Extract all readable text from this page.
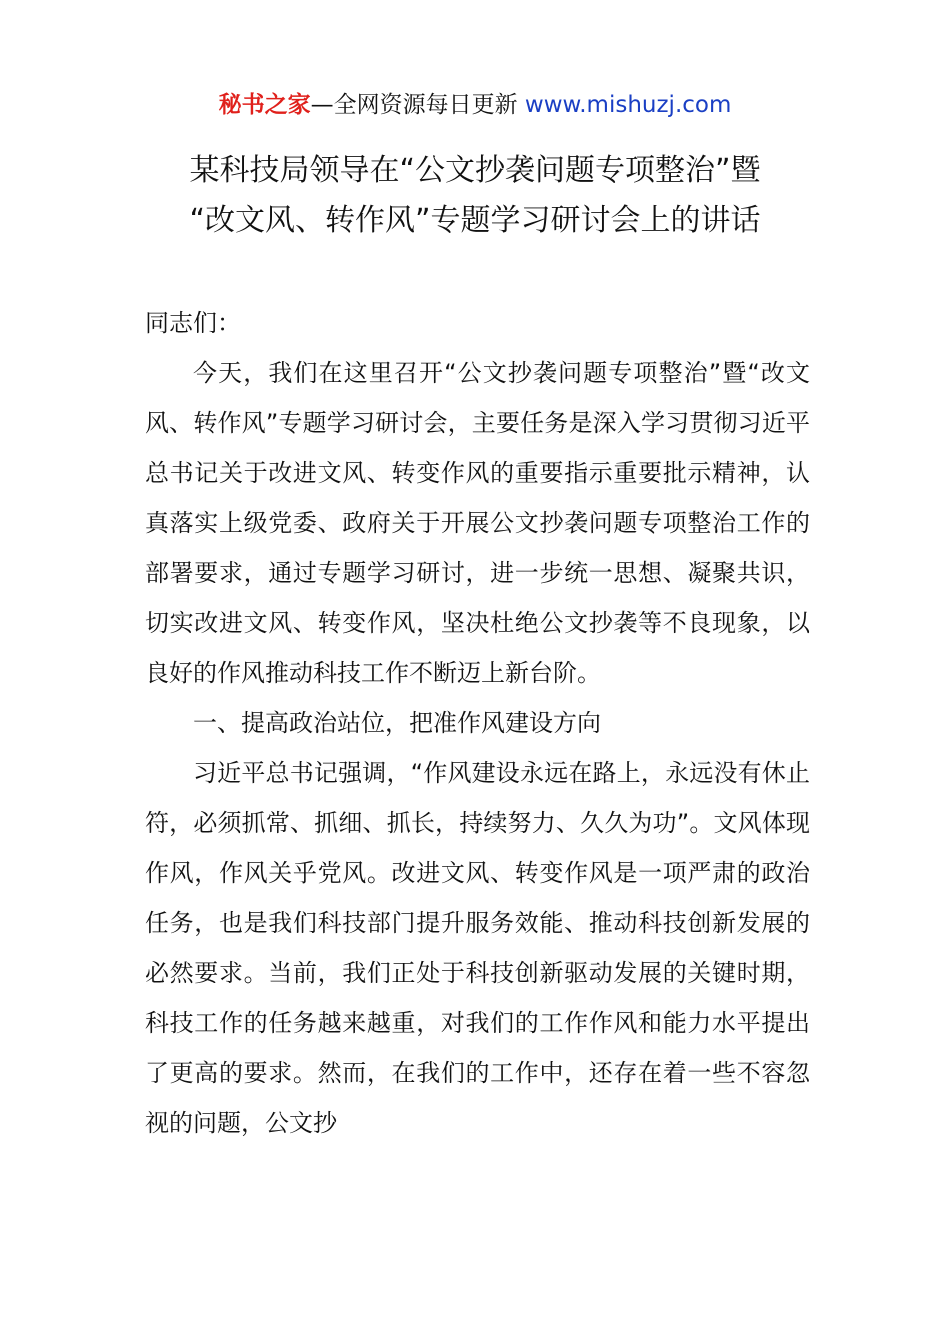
秘书之家—全网资源每日更新 www.mishuzj.com
某科技局领导在“公文抄袭问题专项整治”暨
“改文风、转作风”专题学习研讨会上的讲话

同志们：

今天，我们在这里召开“公文抄袭问题专项整治”暨“改文风、转作风”专题学习研讨会，主要任务是深入学习贯彻习近平总书记关于改进文风、转变作风的重要指示重要批示精神，认真落实上级党委、政府关于开展公文抄袭问题专项整治工作的部署要求，通过专题学习研讨，进一步统一思想、凝聚共识，切实改进文风、转变作风，坚决杜绝公文抄袭等不良现象，以良好的作风推动科技工作不断迈上新台阶。

一、提高政治站位，把准作风建设方向

习近平总书记强调，“作风建设永远在路上，永远没有休止符，必须抓常、抓细、抓长，持续努力、久久为功”。文风体现作风，作风关乎党风。改进文风、转变作风是一项严肃的政治任务，也是我们科技部门提升服务效能、推动科技创新发展的必然要求。当前，我们正处于科技创新驱动发展的关键时期，科技工作的任务越来越重，对我们的工作作风和能力水平提出了更高的要求。然而，在我们的工作中，还存在着一些不容忽视的问题，公文抄
